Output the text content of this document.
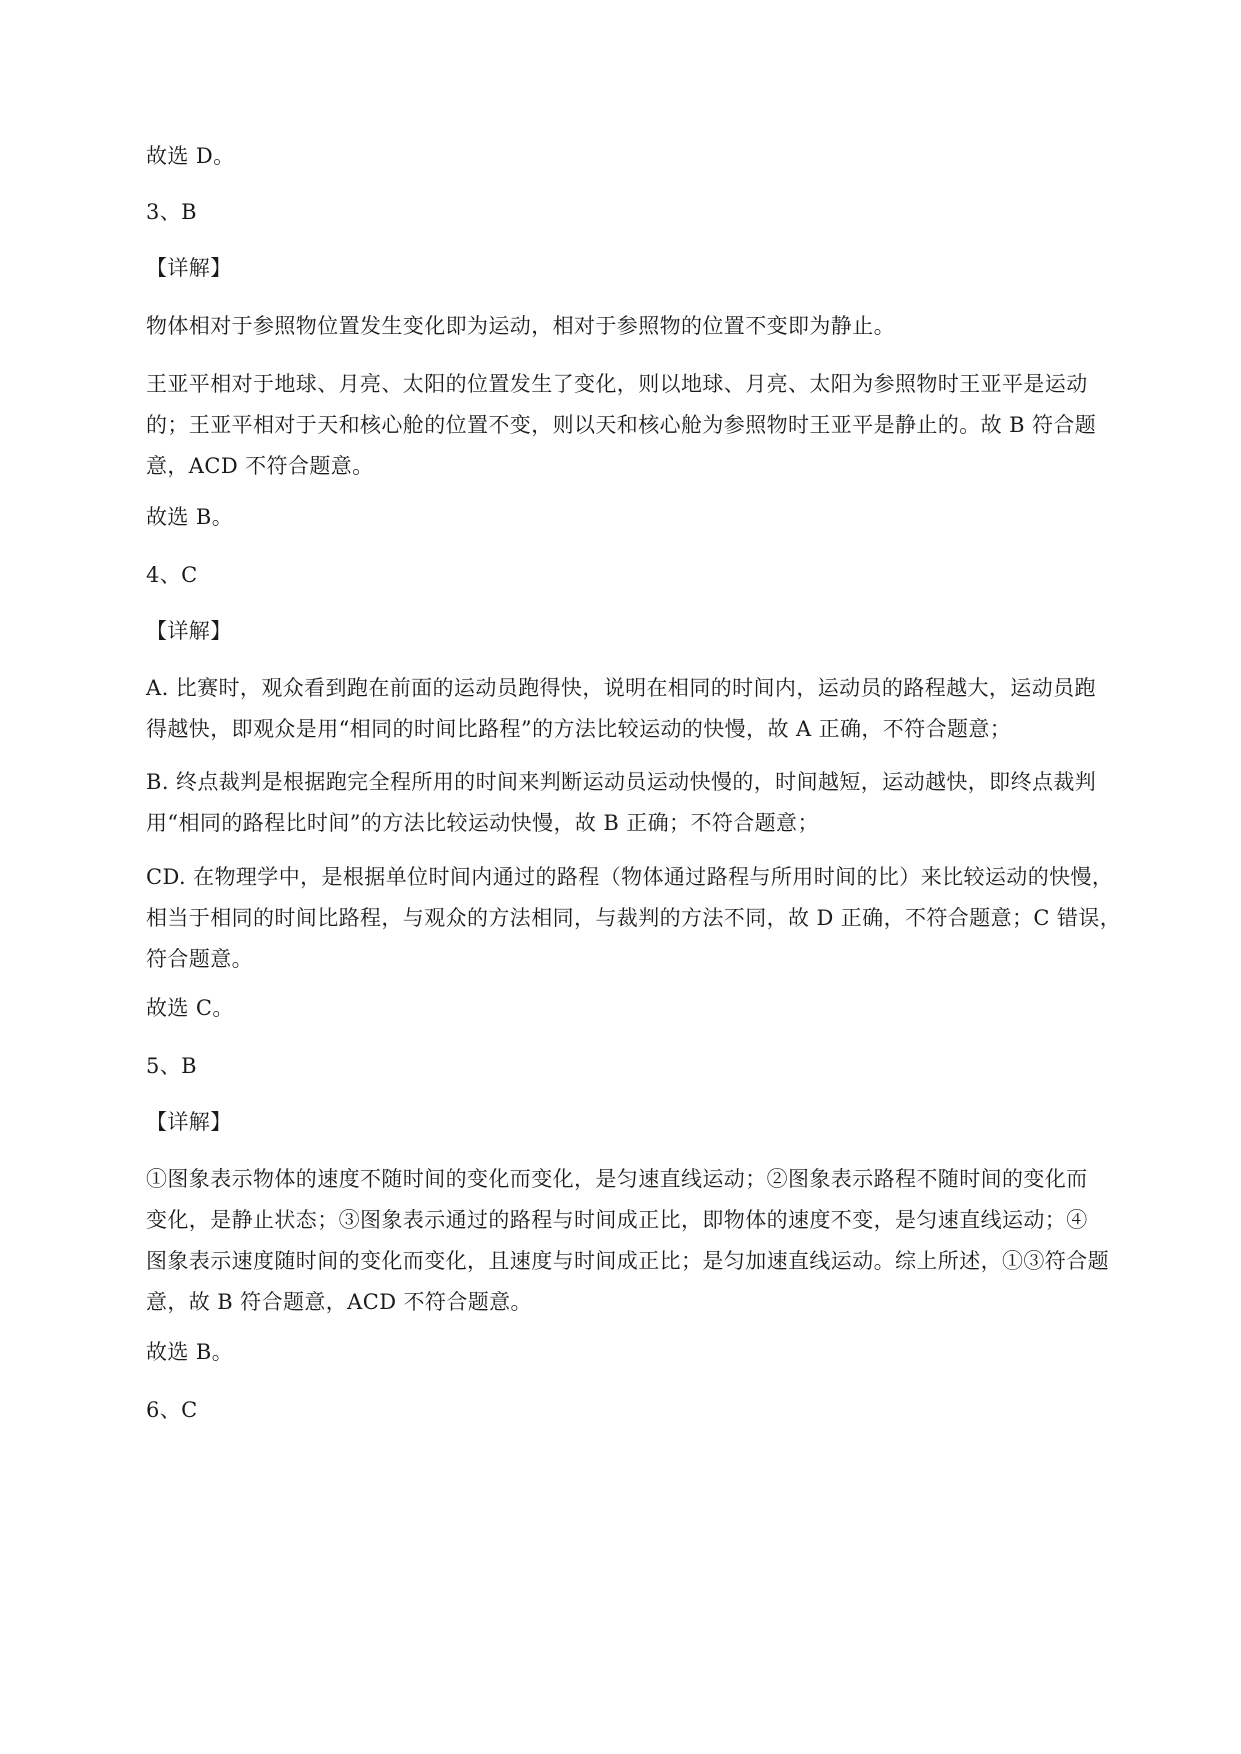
故选 D。

3、B

【详解】

物体相对于参照物位置发生变化即为运动，相对于参照物的位置不变即为静止。

王亚平相对于地球、月亮、太阳的位置发生了变化，则以地球、月亮、太阳为参照物时王亚平是运动
的；王亚平相对于天和核心舱的位置不变，则以天和核心舱为参照物时王亚平是静止的。故 B 符合题
意，ACD 不符合题意。

故选 B。

4、C

【详解】

A. 比赛时，观众看到跑在前面的运动员跑得快，说明在相同的时间内，运动员的路程越大，运动员跑
得越快，即观众是用“相同的时间比路程”的方法比较运动的快慢，故 A 正确，不符合题意；
B. 终点裁判是根据跑完全程所用的时间来判断运动员运动快慢的，时间越短，运动越快，即终点裁判
用“相同的路程比时间”的方法比较运动快慢，故 B 正确；不符合题意；
CD. 在物理学中，是根据单位时间内通过的路程（物体通过路程与所用时间的比）来比较运动的快慢，
相当于相同的时间比路程，与观众的方法相同，与裁判的方法不同，故 D 正确，不符合题意；C 错误，
符合题意。

故选 C。

5、B

【详解】

①图象表示物体的速度不随时间的变化而变化，是匀速直线运动；②图象表示路程不随时间的变化而
变化，是静止状态；③图象表示通过的路程与时间成正比，即物体的速度不变，是匀速直线运动；④
图象表示速度随时间的变化而变化，且速度与时间成正比；是匀加速直线运动。综上所述，①③符合题
意，故 B 符合题意，ACD 不符合题意。

故选 B。

6、C
